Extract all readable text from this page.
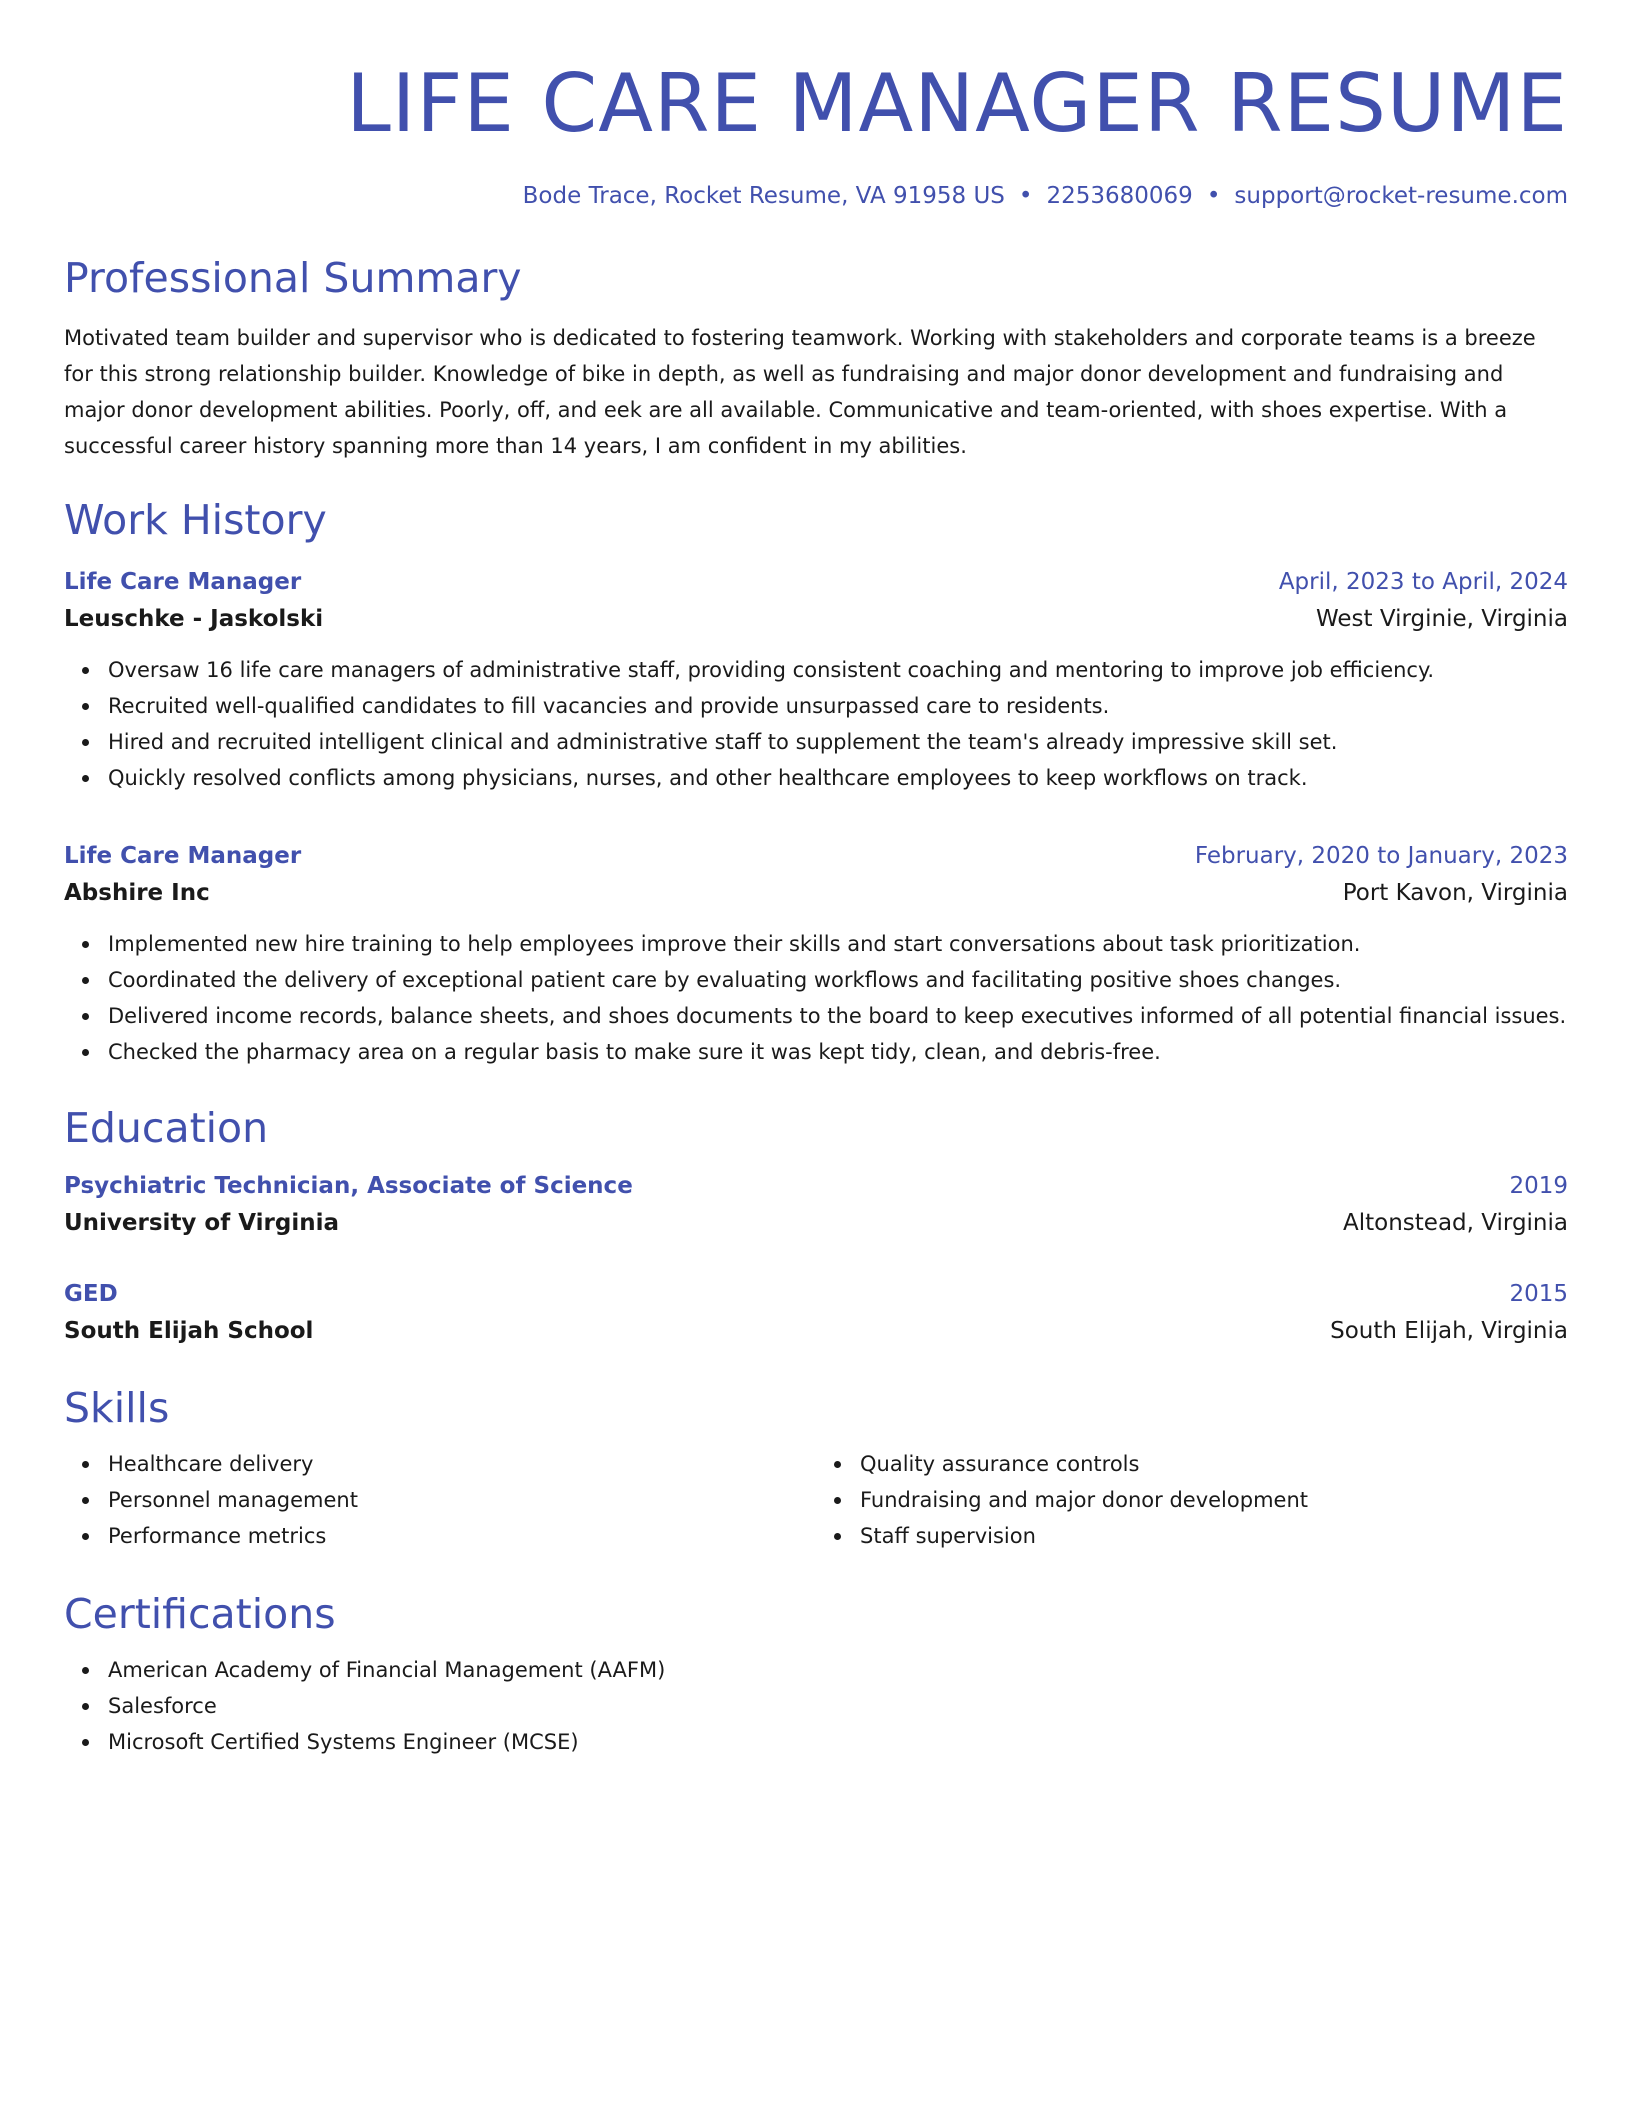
LIFE CARE MANAGER RESUME
Bode Trace, Rocket Resume, VA 91958 US • 2253680069 • support@rocket-resume.com
Professional Summary

Motivated team builder and supervisor who is dedicated to fostering teamwork. Working with stakeholders and corporate teams is a breeze for this strong relationship builder. Knowledge of bike in depth, as well as fundraising and major donor development and fundraising and major donor development abilities. Poorly, off, and eek are all available. Communicative and team-oriented, with shoes expertise. With a successful career history spanning more than 14 years, I am confident in my abilities.

Work History
Life Care Manager	April, 2023 to April, 2024
Leuschke - Jaskolski	West Virginie, Virginia
Oversaw 16 life care managers of administrative staff, providing consistent coaching and mentoring to improve job efficiency.
Recruited well-qualified candidates to fill vacancies and provide unsurpassed care to residents.
Hired and recruited intelligent clinical and administrative staff to supplement the team's already impressive skill set.
Quickly resolved conflicts among physicians, nurses, and other healthcare employees to keep workflows on track.
Life Care Manager	February, 2020 to January, 2023
Abshire Inc	Port Kavon, Virginia
Implemented new hire training to help employees improve their skills and start conversations about task prioritization.
Coordinated the delivery of exceptional patient care by evaluating workflows and facilitating positive shoes changes.
Delivered income records, balance sheets, and shoes documents to the board to keep executives informed of all potential financial issues.
Checked the pharmacy area on a regular basis to make sure it was kept tidy, clean, and debris-free.
Education
Psychiatric Technician, Associate of Science	2019
University of Virginia	Altonstead, Virginia
GED	2015
South Elijah School	South Elijah, Virginia
Skills
Healthcare delivery
Personnel management
Performance metrics
Quality assurance controls
Fundraising and major donor development
Staff supervision
Certifications
American Academy of Financial Management (AAFM)
Salesforce
Microsoft Certified Systems Engineer (MCSE)
